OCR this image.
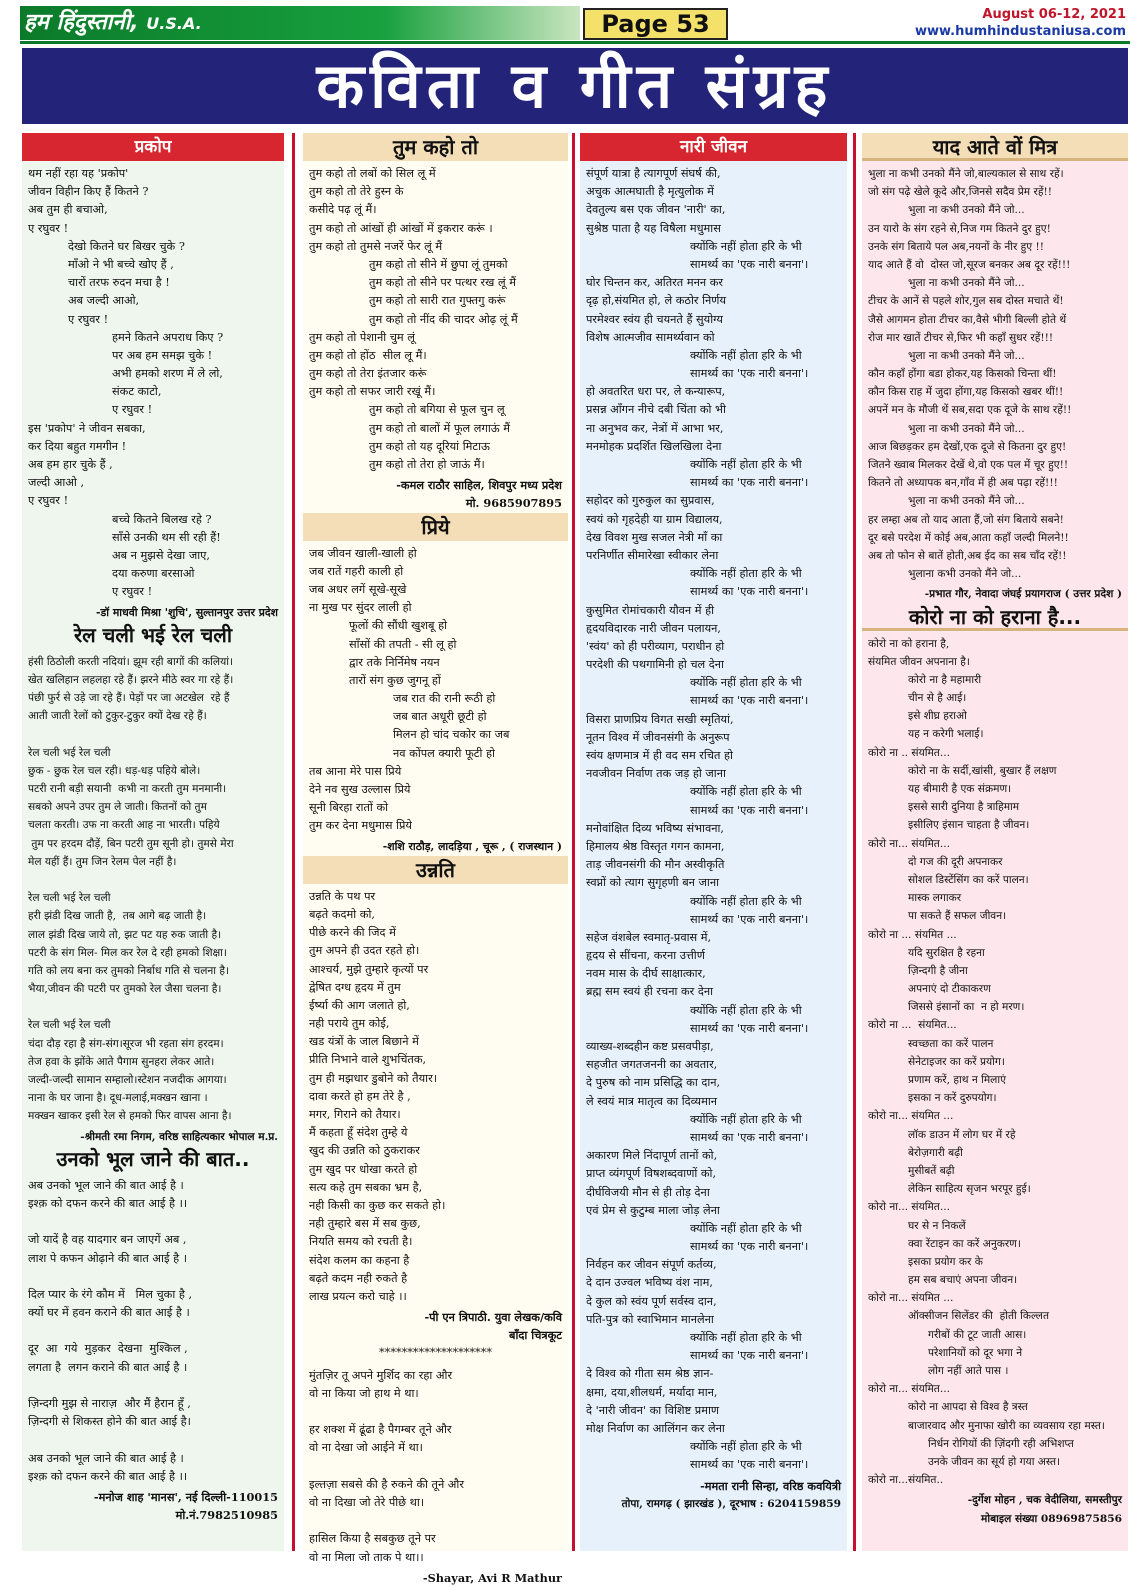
हम हिंदुस्तानी, U.S.A.	Page 53	August 06-12, 2021
www.humhindustaniusa.com
कविता व गीत संग्रह
प्रकोप
थम नहीं रहा यह 'प्रकोप'
जीवन विहीन किए हैं कितने ?
अब तुम ही बचाओ,
ए रघुवर !
देखो कितने घर बिखर चुके ?
माँओ ने भी बच्चे खोए हैं ,
चारों तरफ रुदन मचा है !
अब जल्दी आओ,
ए रघुवर !
हमने कितने अपराध किए ?
पर अब हम समझ चुके !
अभी हमको शरण में ले लो,
संकट काटो,
ए रघुवर !
इस 'प्रकोप' ने जीवन सबका,
कर दिया बहुत गमगीन !
अब हम हार चुके हैं ,
जल्दी आओ ,
ए रघुवर !
बच्चे कितने बिलख रहे ?
साँसे उनकी थम सी रही हैं!
अब न मुझसे देखा जाए,
दया करुणा बरसाओ
ए रघुवर !
-डॉ माधवी मिश्रा 'शुचि', सुल्तानपुर उत्तर प्रदेश
रेल चली भई रेल चली
हंसी ठिठोली करती नदियां। झूम रही बागों की कलियां।
खेत खलिहान लहलहा रहे हैं। झरने मीठे स्वर गा रहे हैं।
पंछी फुर्र से उड़े जा रहे हैं। पेड़ों पर जा अटखेल  रहे हैं
आती जाती रेलों को टुकुर-टुकुर क्यों देख रहे हैं।
रेल चली भई रेल चली
छुक - छुक रेल चल रही। धड़-धड़ पहिये बोले।
पटरी रानी बड़ी सयानी  कभी ना करती तुम मनमानी।
सबको अपने उपर तुम ले जाती। कितनों को तुम
चलता करती। उफ ना करती आह ना भारती। पहिये
तुम पर हरदम दौड़ें, बिन पटरी तुम सूनी हो। तुमसे मेरा
मेल यहीं हैं। तुम जिन रेलम पेल नहीं है।
रेल चली भई रेल चली
हरी झंडी दिख जाती है,  तब आगे बढ़ जाती है।
लाल झंडी दिख जाये तो, झट पट यह रुक जाती है।
पटरी के संग मिल- मिल कर रेल दे रही हमको शिक्षा।
गति को लय बना कर तुमको निर्बाध गति से चलना है।
भैया,जीवन की पटरी पर तुमको रेल जैसा चलना है।
रेल चली भई रेल चली
चंदा दौड़ रहा है संग-संग।सूरज भी रहता संग हरदम।
तेज हवा के झोंके आते पैगाम सुनहरा लेकर आते।
जल्दी-जल्दी सामान सम्हालो।स्टेशन नजदीक आगया।
नाना के घर जाना है। दूध-मलाई,मक्खन खाना ।
मक्खन खाकर इसी रेल से हमको फिर वापस आना है।
-श्रीमती रमा निगम, वरिष्ठ साहित्यकार भोपाल म.प्र.
उनको भूल जाने की बात..
अब उनको भूल जाने की बात आई है ।
इश्क़ को दफन करने की बात आई है ।।
जो यादें है वह यादगार बन जाएगें अब ,
लाश पे कफन ओढ़ाने की बात आई है ।
दिल प्यार के रंगे कौम में   मिल चुका है ,
क्यों घर में हवन कराने की बात आई है ।
दूर  आ  गये  मुड़कर  देखना  मुश्किल ,
लगता है  लगन कराने की बात आई है ।
ज़िन्दगी मुझ से नाराज़  और मैं हैरान हूँ ,
ज़िन्दगी से शिकस्त होने की बात आई है।
अब उनको भूल जाने की बात आई है ।
इश्क़ को दफन करने की बात आई है ।।
-मनोज शाह 'मानस', नई दिल्ली-110015
मो.नं.7982510985
तुम कहो तो
तुम कहो तो लबों को सिल लू में
तुम कहो तो तेरे हुस्न के
कसीदे पढ़ लूं मैं।
तुम कहो तो आंखों ही आंखों में इकरार करूं ।
तुम कहो तो तुमसे नजरें फेर लूं मैं
तुम कहो तो सीने में छुपा लूं तुमको
तुम कहो तो सीने पर पत्थर रख लूं मैं
तुम कहो तो सारी रात गुफ्तगु करूं
तुम कहो तो नींद की चादर ओढ़ लूं मैं
तुम कहो तो पेशानी चुम लूं
तुम कहो तो होंठ  सील लू मैं।
तुम कहो तो तेरा इंतजार करूं
तुम कहो तो सफर जारी रखूं मैं।
तुम कहो तो बगिया से फूल चुन लू
तुम कहो तो बालों में फूल लगाऊं मैं
तुम कहो तो यह दूरियां मिटाऊ
तुम कहो तो तेरा हो जाऊं मैं।
-कमल राठौर साहिल, शिवपुर मध्य प्रदेश
मो. 9685907895
प्रिये
जब जीवन खाली-खाली हो
जब रातें गहरी काली हो
जब अधर लगें सूखे-सूखे
ना मुख पर सुंदर लाली हो
फूलों की सौंधी खुशबू हो
साँसों की तपती - सी लू हो
द्वार तके निर्निमेष नयन
तारों संग कुछ जुगनू हों
जब रात की रानी रूठी हो
जब बात अधूरी छूटी हो
मिलन हो चांद चकोर का जब
नव कोंपल क्यारी फूटी हो
तब आना मेरे पास प्रिये
देने नव सुख उल्लास प्रिये
सूनी बिरहा रातों को
तुम कर देना मधुमास प्रिये
-शशि राठौड़, लादड़िया , चूरू , ( राजस्थान )
उन्नति
उन्नति के पथ पर
बढ़ते कदमो को,
पीछे करने की जिद में
तुम अपने ही उदत रहते हो।
आश्चर्य, मुझे तुम्हारे कृत्यों पर
द्वेषित दग्ध हृदय में तुम
ईर्ष्या की आग जलाते हो,
नही पराये तुम कोई,
खड यंत्रों के जाल बिछाने में
प्रीति निभाने वाले शुभचिंतक,
तुम ही मझधार डुबोने को तैयार।
दावा करते हो हम तेरे है ,
मगर, गिराने को तैयार।
मैं कहता हूँ संदेश तुम्हे ये
खुद की उन्नति को ठुकराकर
तुम खुद पर धोखा करते हो
सत्य कहे तुम सबका भ्रम है,
नही किसी का कुछ कर सकते हो।
नही तुम्हारे बस में सब कुछ,
नियति समय को रचती है।
संदेश कलम का कहना है
बढ़ते कदम नही रुकते है
लाख प्रयत्न करो चाहे ।।
-पी एन त्रिपाठी. युवा लेखक/कवि
बाँदा चित्रकूट
********************
मुंतज़िर तू अपने मुर्शिद का रहा और
वो ना किया जो हाथ मे था।
हर शक्श में ढूंढा है पैगम्बर तूने और
वो ना देखा जो आईने में था।
इल्तज़ा सबसे की है रुकने की तूने और
वो ना दिखा जो तेरे पीछे था।
हासिल किया है सबकुछ तूने पर
वो ना मिला जो ताक पे था।।
-Shayar, Avi R Mathur
नारी जीवन
संपूर्ण यात्रा है त्यागपूर्ण संघर्ष की,
अचुक आत्मघाती है मृत्युलोक में
देवतुल्य बस एक जीवन 'नारी' का,
सुश्रेष्ठ पाता है यह विषैला मधुमास
क्योंकि नहीं होता हरि के भी
सामर्थ्य का 'एक नारी बनना'।
घोर चिन्तन कर, अतिरत मनन कर
दृढ़ हो,संयमित हो, ले कठोर निर्णय
परमेश्वर स्वंय ही चयनते हैं सुयोग्य
विशेष आत्मजीव सामर्थ्यवान को
क्योंकि नहीं होता हरि के भी
सामर्थ्य का 'एक नारी बनना'।
हो अवतरित धरा पर, ले कन्यारूप,
प्रसन्न आँगन नीचे दबी चिंता को भी
ना अनुभव कर, नेत्रों में आभा भर,
मनमोहक प्रदर्शित खिलखिला देना
क्योंकि नहीं होता हरि के भी
सामर्थ्य का 'एक नारी बनना'।
सहोदर को गुरुकुल का सुप्रवास,
स्वयं को गृहदेही या ग्राम विद्यालय,
देख विवश मुख सजल नेत्री माँ का
परनिर्णीत सीमारेखा स्वीकार लेना
क्योंकि नहीं होता हरि के भी
सामर्थ्य का 'एक नारी बनना'।
कुसुमित रोमांचकारी यौवन में ही
हृदयविदारक नारी जीवन पलायन,
'स्वंय' को ही परीव्याग, पराधीन हो
परदेशी की पथगामिनी हो चल देना
क्योंकि नहीं होता हरि के भी
सामर्थ्य का 'एक नारी बनना'।
विसरा प्राणप्रिय विगत सखी स्मृतियां,
नूतन विश्व में जीवनसंगी के अनुरूप
स्वंय क्षणमात्र में ही वद सम रचित हो
नवजीवन निर्वाण तक जड़ हो जाना
क्योंकि नहीं होता हरि के भी
सामर्थ्य का 'एक नारी बनना'।
मनोवांक्षित दिव्य भविष्य संभावना,
हिमालय श्रेष्ठ विस्तृत गगन कामना,
ताड़ जीवनसंगी की मौन अस्वीकृति
स्वप्नों को त्याग सुगृहणी बन जाना
क्योंकि नहीं होता हरि के भी
सामर्थ्य का 'एक नारी बनना'।
सहेज वंशबेल स्वमातृ-प्रवास में,
हृदय से सींचना, करना उत्तीर्ण
नवम मास के दीर्घ साक्षात्कार,
ब्रह्म सम स्वयं ही रचना कर देना
क्योंकि नहीं होता हरि के भी
सामर्थ्य का 'एक नारी बनना'।
व्याख्य-शब्दहीन कष्ट प्रसवपीड़ा,
सहजीत जगतजननी का अवतार,
दे पुरुष को नाम प्रसिद्धि का दान,
ले स्वयं मात्र मातृत्व का दिव्यमान
क्योंकि नहीं होता हरि के भी
सामर्थ्य का 'एक नारी बनना'।
अकारण मिले निंदापूर्ण तानों को,
प्राप्त व्यंगपूर्ण विषशब्दवाणों को,
दीर्घविजयी मौन से ही तोड़ देना
एवं प्रेम से कुटुम्ब माला जोड़ लेना
क्योंकि नहीं होता हरि के भी
सामर्थ्य का 'एक नारी बनना'।
निर्वहन कर जीवन संपूर्ण कर्तव्य,
दे दान उज्वल भविष्य वंश नाम,
दे कुल को स्वंय पूर्ण सर्वस्व दान,
पति-पुत्र को स्वाभिमान मानलेना
क्योंकि नहीं होता हरि के भी
सामर्थ्य का 'एक नारी बनना'।
दे विश्व को गीता सम श्रेष्ठ ज्ञान-
क्षमा, दया,शीलधर्म, मर्यादा मान,
दे 'नारी जीवन' का विशिष्ट प्रमाण
मोक्ष निर्वाण का आलिंगन कर लेना
क्योंकि नहीं होता हरि के भी
सामर्थ्य का 'एक नारी बनना'।
-ममता रानी सिन्हा, वरिष्ठ कवयित्री
तोपा, रामगढ़ ( झारखंड ), दूरभाष : 6204159859
याद आते वों मित्र
भुला ना कभी उनको मैंने जो,बाल्यकाल से साथ रहें।
जो संग पढ़े खेले कूदे और,जिनसे सदैव प्रेम रहें!!
भुला ना कभी उनको मैंने जो...
उन यारो के संग रहने से,निज गम कितने दुर हुए!
उनके संग बिताये पल अब,नयनों के नीर हुए !!
याद आते हैं वो  दोस्त जो,सूरज बनकर अब दूर रहें!!!
भुला ना कभी उनको मैंने जो...
टीचर के आनें से पहले शोर,गुल सब दोस्त मचाते थें!
जैसे आगमन होता टीचर का,वैसे भीगी बिल्ली होते थें
रोज मार खातें टीचर से,फिर भी कहाँ सुधर रहें!!!
भुला ना कभी उनको मैंने जो...
कौन कहाँ होंगा बडा होकर,यह किसको चिन्ता थीं!
कौन किस राह में जुदा होंगा,यह किसको खबर थीं!!
अपनें मन के मौजी थें सब,सदा एक दूजे के साथ रहें!!
भुला ना कभी उनको मैंने जो...
आज बिछड़कर हम देखों,एक दूजे से कितना दुर हुए!
जितने ख्वाब मिलकर देखें थे,वो एक पल में चूर हुए!!
कितने तो अध्यापक बन,गाँव में ही अब पढ़ा रहें!!!
भुला ना कभी उनको मैंने जो...
हर लम्हा अब तो याद आता हैं,जो संग बिताये सबने!
दूर बसे परदेश में कोई अब,आता कहाँ जल्दी मिलने!!
अब तो फोन से बातें होती,अब ईद का सब चाँद रहें!!
भुलाना कभी उनको मैंने जो...
-प्रभात गौर, नेवादा जंघई प्रयागराज ( उत्तर प्रदेश )
कोरो ना को हराना है...
कोरो ना को हराना है,
संयमित जीवन अपनाना है।
कोरो ना है महामारी
चीन से है आई।
इसे शीघ्र हराओ
यह न करेगी भलाई।
कोरो ना .. संयमित...
कोरो ना के सर्दी,खांसी, बुखार हैं लक्षण
यह बीमारी है एक संक्रमण।
इससे सारी दुनिया है त्राहिमाम
इसीलिए इंसान चाहता है जीवन।
कोरो ना... संयमित...
दो गज की दूरी अपनाकर
सोशल डिस्टेंसिंग का करें पालन।
मास्क लगाकर
पा सकते हैं सफल जीवन।
कोरो ना ... संयमित ...
यदि सुरक्षित है रहना
ज़िन्दगी है जीना
अपनाएं दो टीकाकरण
जिससे इंसानों का  न हो मरण।
कोरो ना ...  संयमित...
स्वच्छता का करें पालन
सेनेटाइजर का करें प्रयोग।
प्रणाम करें, हाथ न मिलाएं
इसका न करें दुरुपयोग।
कोरो ना... संयमित ...
लॉक डाउन में लोग घर में रहे
बेरोज़गारी बढ़ी
मुसीबतें बढ़ी
लेकिन साहित्य सृजन भरपूर हुई।
कोरो ना... संयमित...
घर से न निकलें
क्वा रेंटाइन का करें अनुकरण।
इसका प्रयोग कर के
हम सब बचाएं अपना जीवन।
कोरो ना... संयमित ...
ऑक्सीजन सिलेंडर की  होती किल्लत
गरीबों की टूट जाती आस।
परेशानियों को दूर भगा ने
लोग नहीं आते पास ।
कोरो ना... संयमित...
कोरो ना आपदा से विश्व है त्रस्त
बाजारवाद और मुनाफा खोरी का व्यवसाय रहा मस्त।
निर्धन रोगियों की ज़िंदगी रही अभिशप्त
उनके जीवन का सूर्य हो गया अस्त।
कोरो ना...संयमित..
-दुर्गेश मोहन , चक वेदीलिया, समस्तीपुर
मोबाइल संख्या 08969875856
